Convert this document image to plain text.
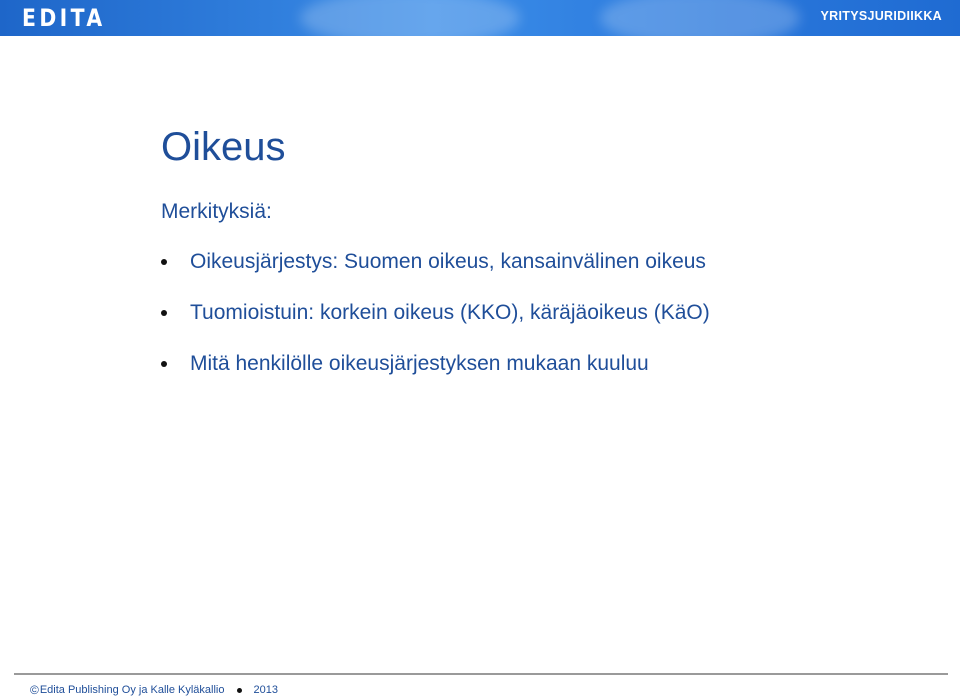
EDITA	YRITYSJURIDIIKKA
Oikeus

Merkityksiä:

Oikeusjärjestys: Suomen oikeus, kansainvälinen oikeus
Tuomioistuin: korkein oikeus (KKO), käräjäoikeus (KäO)
Mitä henkilölle oikeusjärjestyksen mukaan kuuluu
© Edita Publishing Oy ja Kalle Kyläkallio	2013
